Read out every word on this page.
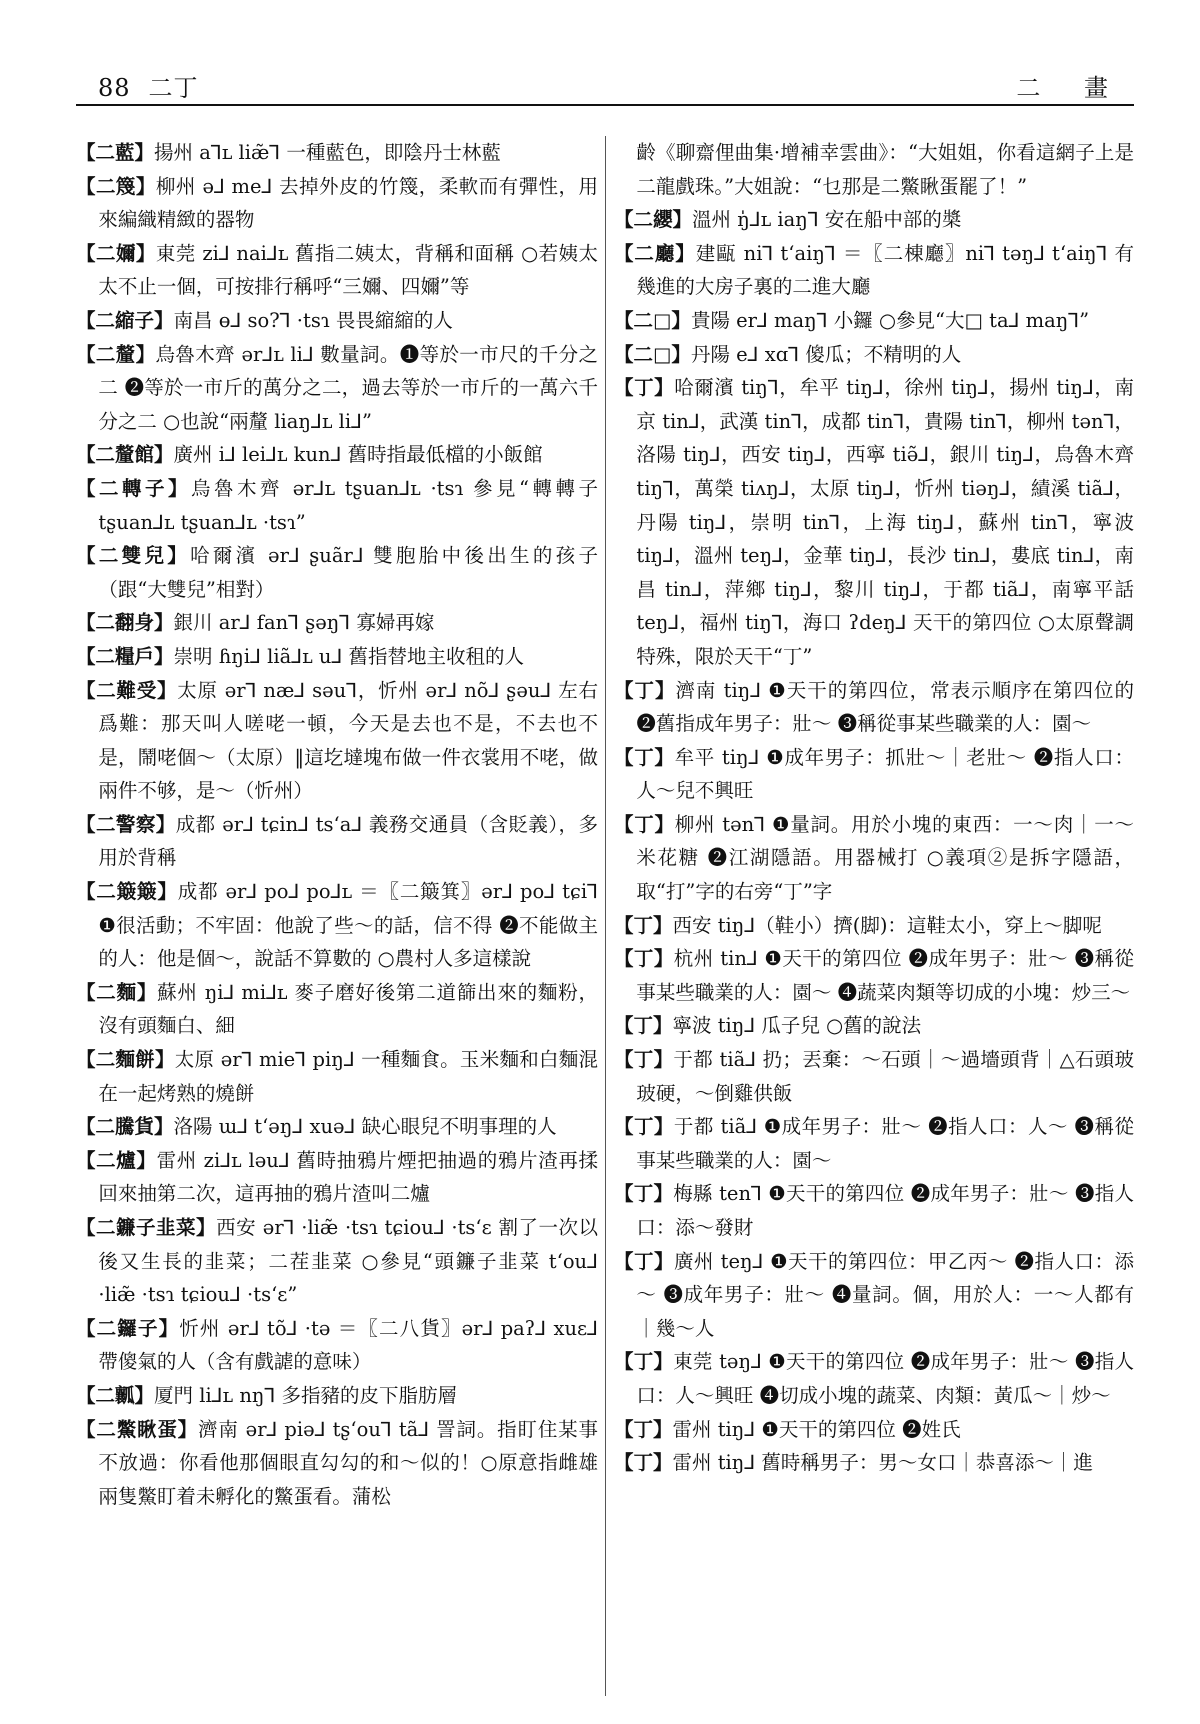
88 二丁	二 畫

【二藍】揚州 a⅂ʟ liæ̃⅂ 一種藍色，即陰丹士林藍

【二篾】柳州 ə⅃ me⅃ 去掉外皮的竹篾，柔軟而有彈性，用來編織精緻的器物

【二嬭】東莞 zi⅃ nai⅃ʟ 舊指二姨太，背稱和面稱 ○若姨太太不止一個，可按排行稱呼“三嬭、四嬭”等

【二縮子】南昌 ɵ⅃ so?⅂ ·tsɿ 畏畏縮縮的人

【二釐】烏魯木齊 ər⅃ʟ li⅃ 數量詞。❶等於一市尺的千分之二 ❷等於一市斤的萬分之二，過去等於一市斤的一萬六千分之二 ○也說“兩釐 liaŋ⅃ʟ li⅃”

【二釐館】廣州 i⅃ lei⅃ʟ kun⅃ 舊時指最低檔的小飯館

【二轉子】烏魯木齊 ər⅃ʟ tʂuan⅃ʟ ·tsɿ 參見“轉轉子 tʂuan⅃ʟ tʂuan⅃ʟ ·tsɿ”

【二雙兒】哈爾濱 ər⅃ ʂuãr⅃ 雙胞胎中後出生的孩子（跟“大雙兒”相對）

【二翻身】銀川 ar⅃ fan⅂ ʂəŋ⅂ 寡婦再嫁

【二糧戶】崇明 ɦŋi⅃ liã⅃ʟ u⅃ 舊指替地主收租的人

【二難受】太原 ər⅂ næ⅃ səu⅂，忻州 ər⅃ nõ⅃ ʂəu⅃ 左右爲難：那天叫人嗟咾一頓，今天是去也不是，不去也不是，鬧咾個～（太原）‖這圪墶塊布做一件衣裳用不咾，做兩件不够，是～（忻州）

【二警察】成都 ər⅃ tɕin⅃ tsʻa⅃ 義務交通員（含貶義），多用於背稱

【二簸簸】成都 ər⅃ po⅃ po⅃ʟ ＝〖二簸箕〗ər⅃ po⅃ tɕi⅂ ❶很活動；不牢固：他說了些～的話，信不得 ❷不能做主的人：他是個～，說話不算數的 ○農村人多這樣說

【二麵】蘇州 ŋi⅃ mi⅃ʟ 麥子磨好後第二道篩出來的麵粉，沒有頭麵白、細

【二麵餅】太原 ər⅂ mie⅂ piŋ⅃ 一種麵食。玉米麵和白麵混在一起烤熟的燒餅

【二騰貨】洛陽 ɯ⅃ tʻəŋ⅃ xuə⅃ 缺心眼兒不明事理的人

【二爐】雷州 zi⅃ʟ ləu⅃ 舊時抽鴉片煙把抽過的鴉片渣再揉回來抽第二次，這再抽的鴉片渣叫二爐

【二鐮子韭菜】西安 ər⅂ ·liæ̃ ·tsɿ tɕiou⅃ ·tsʻɛ 割了一次以後又生長的韭菜；二茬韭菜 ○參見“頭鐮子韭菜 tʻou⅃ ·liæ̃ ·tsɿ tɕiou⅃ ·tsʻɛ”

【二鑼子】忻州 ər⅃ tõ⅃ ·tə ＝〖二八貨〗ər⅃ paʔ⅃ xuɛ⅃ 帶傻氣的人（含有戲謔的意味）

【二瓤】厦門 li⅃ʟ nŋ⅂ 多指豬的皮下脂肪層

【二鱉瞅蛋】濟南 ər⅃ piə⅃ tʂʻou⅂ tã⅃ 詈詞。指盯住某事不放過：你看他那個眼直勾勾的和～似的！○原意指雌雄兩隻鱉盯着未孵化的鱉蛋看。蒲松

齡《聊齋俚曲集·增補幸雲曲》：“大姐姐，你看這網子上是二龍戲珠。”大姐說：“乜那是二鱉瞅蛋罷了！”

【二纓】溫州 ŋ̍⅃ʟ iaŋ⅂ 安在船中部的槳

【二廳】建甌 ni⅂ tʻaiŋ⅂ ＝〖二棟廳〗ni⅂ təŋ⅃ tʻaiŋ⅂ 有幾進的大房子裏的二進大廳

【二□】貴陽 er⅃ maŋ⅂ 小鑼 ○參見“大□ ta⅃ maŋ⅂”

【二□】丹陽 e⅃ xɑ⅂ 傻瓜；不精明的人

【丁】哈爾濱 tiŋ⅂，牟平 tiŋ⅃，徐州 tiŋ⅃，揚州 tiŋ⅃，南京 tin⅃，武漢 tin⅂，成都 tin⅂，貴陽 tin⅂，柳州 tən⅂，洛陽 tiŋ⅃，西安 tiŋ⅃，西寧 tiə̃⅃，銀川 tiŋ⅃，烏魯木齊 tiŋ⅂，萬榮 tiʌŋ⅃，太原 tiŋ⅃，忻州 tiəŋ⅃，績溪 tiã⅃，丹陽 tiŋ⅃，崇明 tin⅂，上海 tiŋ⅃，蘇州 tin⅂，寧波 tiŋ⅃，溫州 teŋ⅃，金華 tiŋ⅃，長沙 tin⅃，婁底 tin⅃，南昌 tin⅃，萍鄉 tiŋ⅃，黎川 tiŋ⅃，于都 tiã⅃，南寧平話 teŋ⅃，福州 tiŋ⅂，海口 ʔdeŋ⅃ 天干的第四位 ○太原聲調特殊，限於天干“丁”

【丁】濟南 tiŋ⅃ ❶天干的第四位，常表示順序在第四位的 ❷舊指成年男子：壯～ ❸稱從事某些職業的人：園～

【丁】牟平 tiŋ⅃ ❶成年男子：抓壯～｜老壯～ ❷指人口：人～兒不興旺

【丁】柳州 tən⅂ ❶量詞。用於小塊的東西：一～肉｜一～米花糖 ❷江湖隱語。用器械打 ○義項②是拆字隱語，取“打”字的右旁“丁”字

【丁】西安 tiŋ⅃（鞋小）擠(脚)：這鞋太小，穿上～脚呢

【丁】杭州 tin⅃ ❶天干的第四位 ❷成年男子：壯～ ❸稱從事某些職業的人：園～ ❹蔬菜肉類等切成的小塊：炒三～

【丁】寧波 tiŋ⅃ 瓜子兒 ○舊的說法

【丁】于都 tiã⅃ 扔；丟棄：～石頭｜～過墻頭背｜△石頭玻玻硬，～倒雞供飯

【丁】于都 tiã⅃ ❶成年男子：壯～ ❷指人口：人～ ❸稱從事某些職業的人：園～

【丁】梅縣 ten⅂ ❶天干的第四位 ❷成年男子：壯～ ❸指人口：添～發財

【丁】廣州 teŋ⅃ ❶天干的第四位：甲乙丙～ ❷指人口：添～ ❸成年男子：壯～ ❹量詞。個，用於人：一～人都有｜幾～人

【丁】東莞 təŋ⅃ ❶天干的第四位 ❷成年男子：壯～ ❸指人口：人～興旺 ❹切成小塊的蔬菜、肉類：黃瓜～｜炒～

【丁】雷州 tiŋ⅃ ❶天干的第四位 ❷姓氏

【丁】雷州 tiŋ⅃ 舊時稱男子：男～女口｜恭喜添～｜進
